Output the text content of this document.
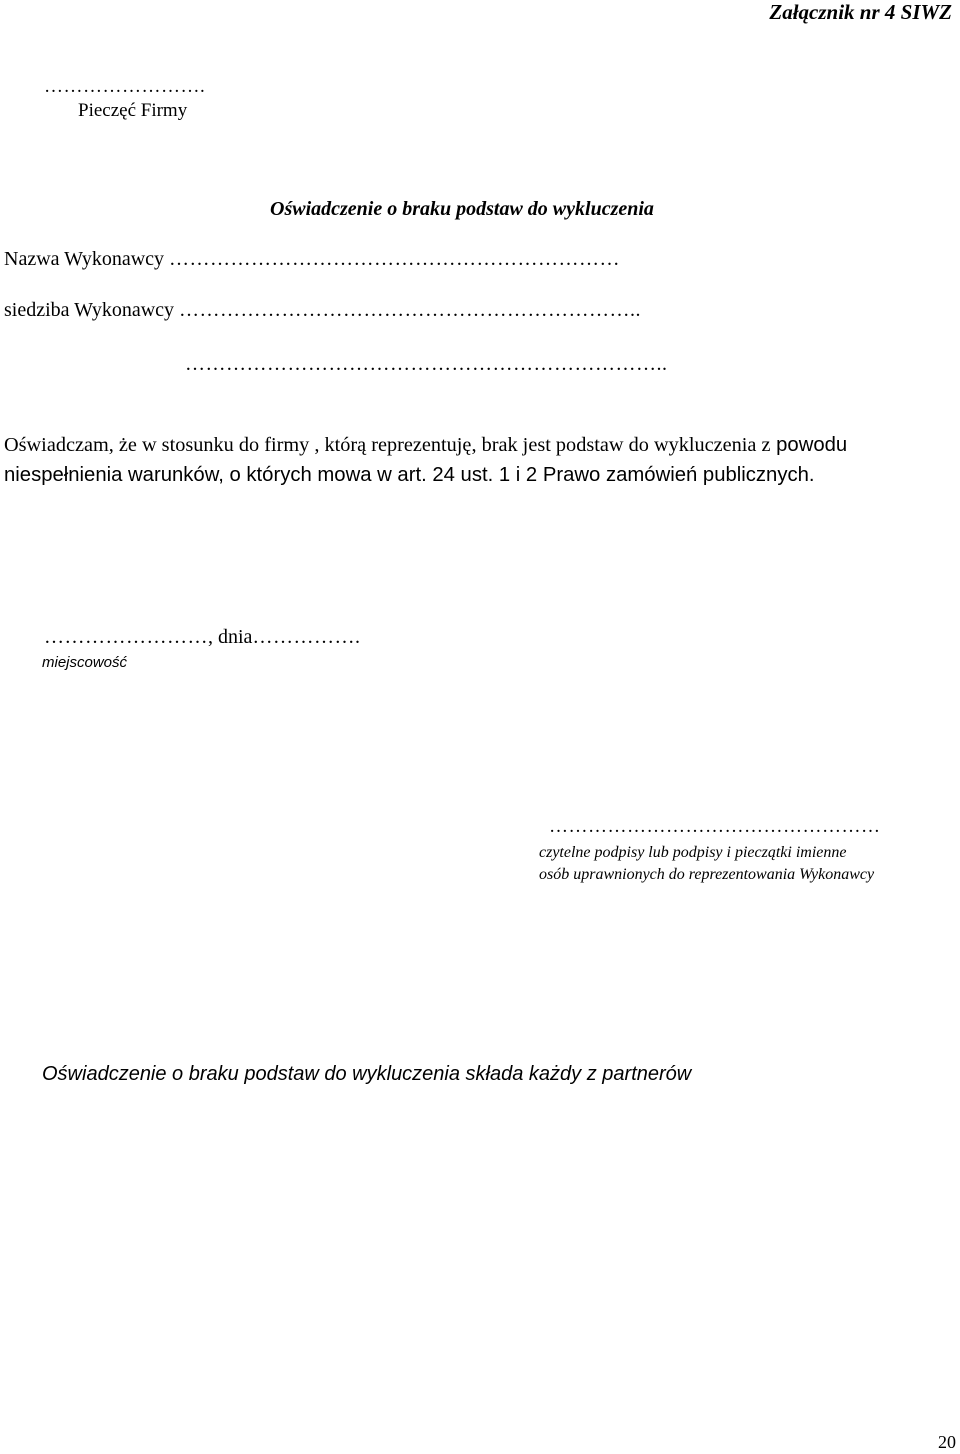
Załącznik nr 4 SIWZ
…………………….
Pieczęć Firmy
Oświadczenie o braku podstaw do wykluczenia
Nazwa Wykonawcy …………………………………………………………
siedziba Wykonawcy …………………………………………………………..
……………………………………………………………..
Oświadczam, że w stosunku do firmy , którą reprezentuję, brak jest podstaw do wykluczenia z powodu niespełnienia warunków, o których mowa w art. 24 ust. 1 i 2 Prawo zamówień publicznych.
……………………, dnia…………….
miejscowość
……………………………………………
czytelne podpisy lub podpisy i pieczątki imienne
osób uprawnionych do reprezentowania Wykonawcy
Oświadczenie o braku podstaw do wykluczenia składa każdy z partnerów
20
